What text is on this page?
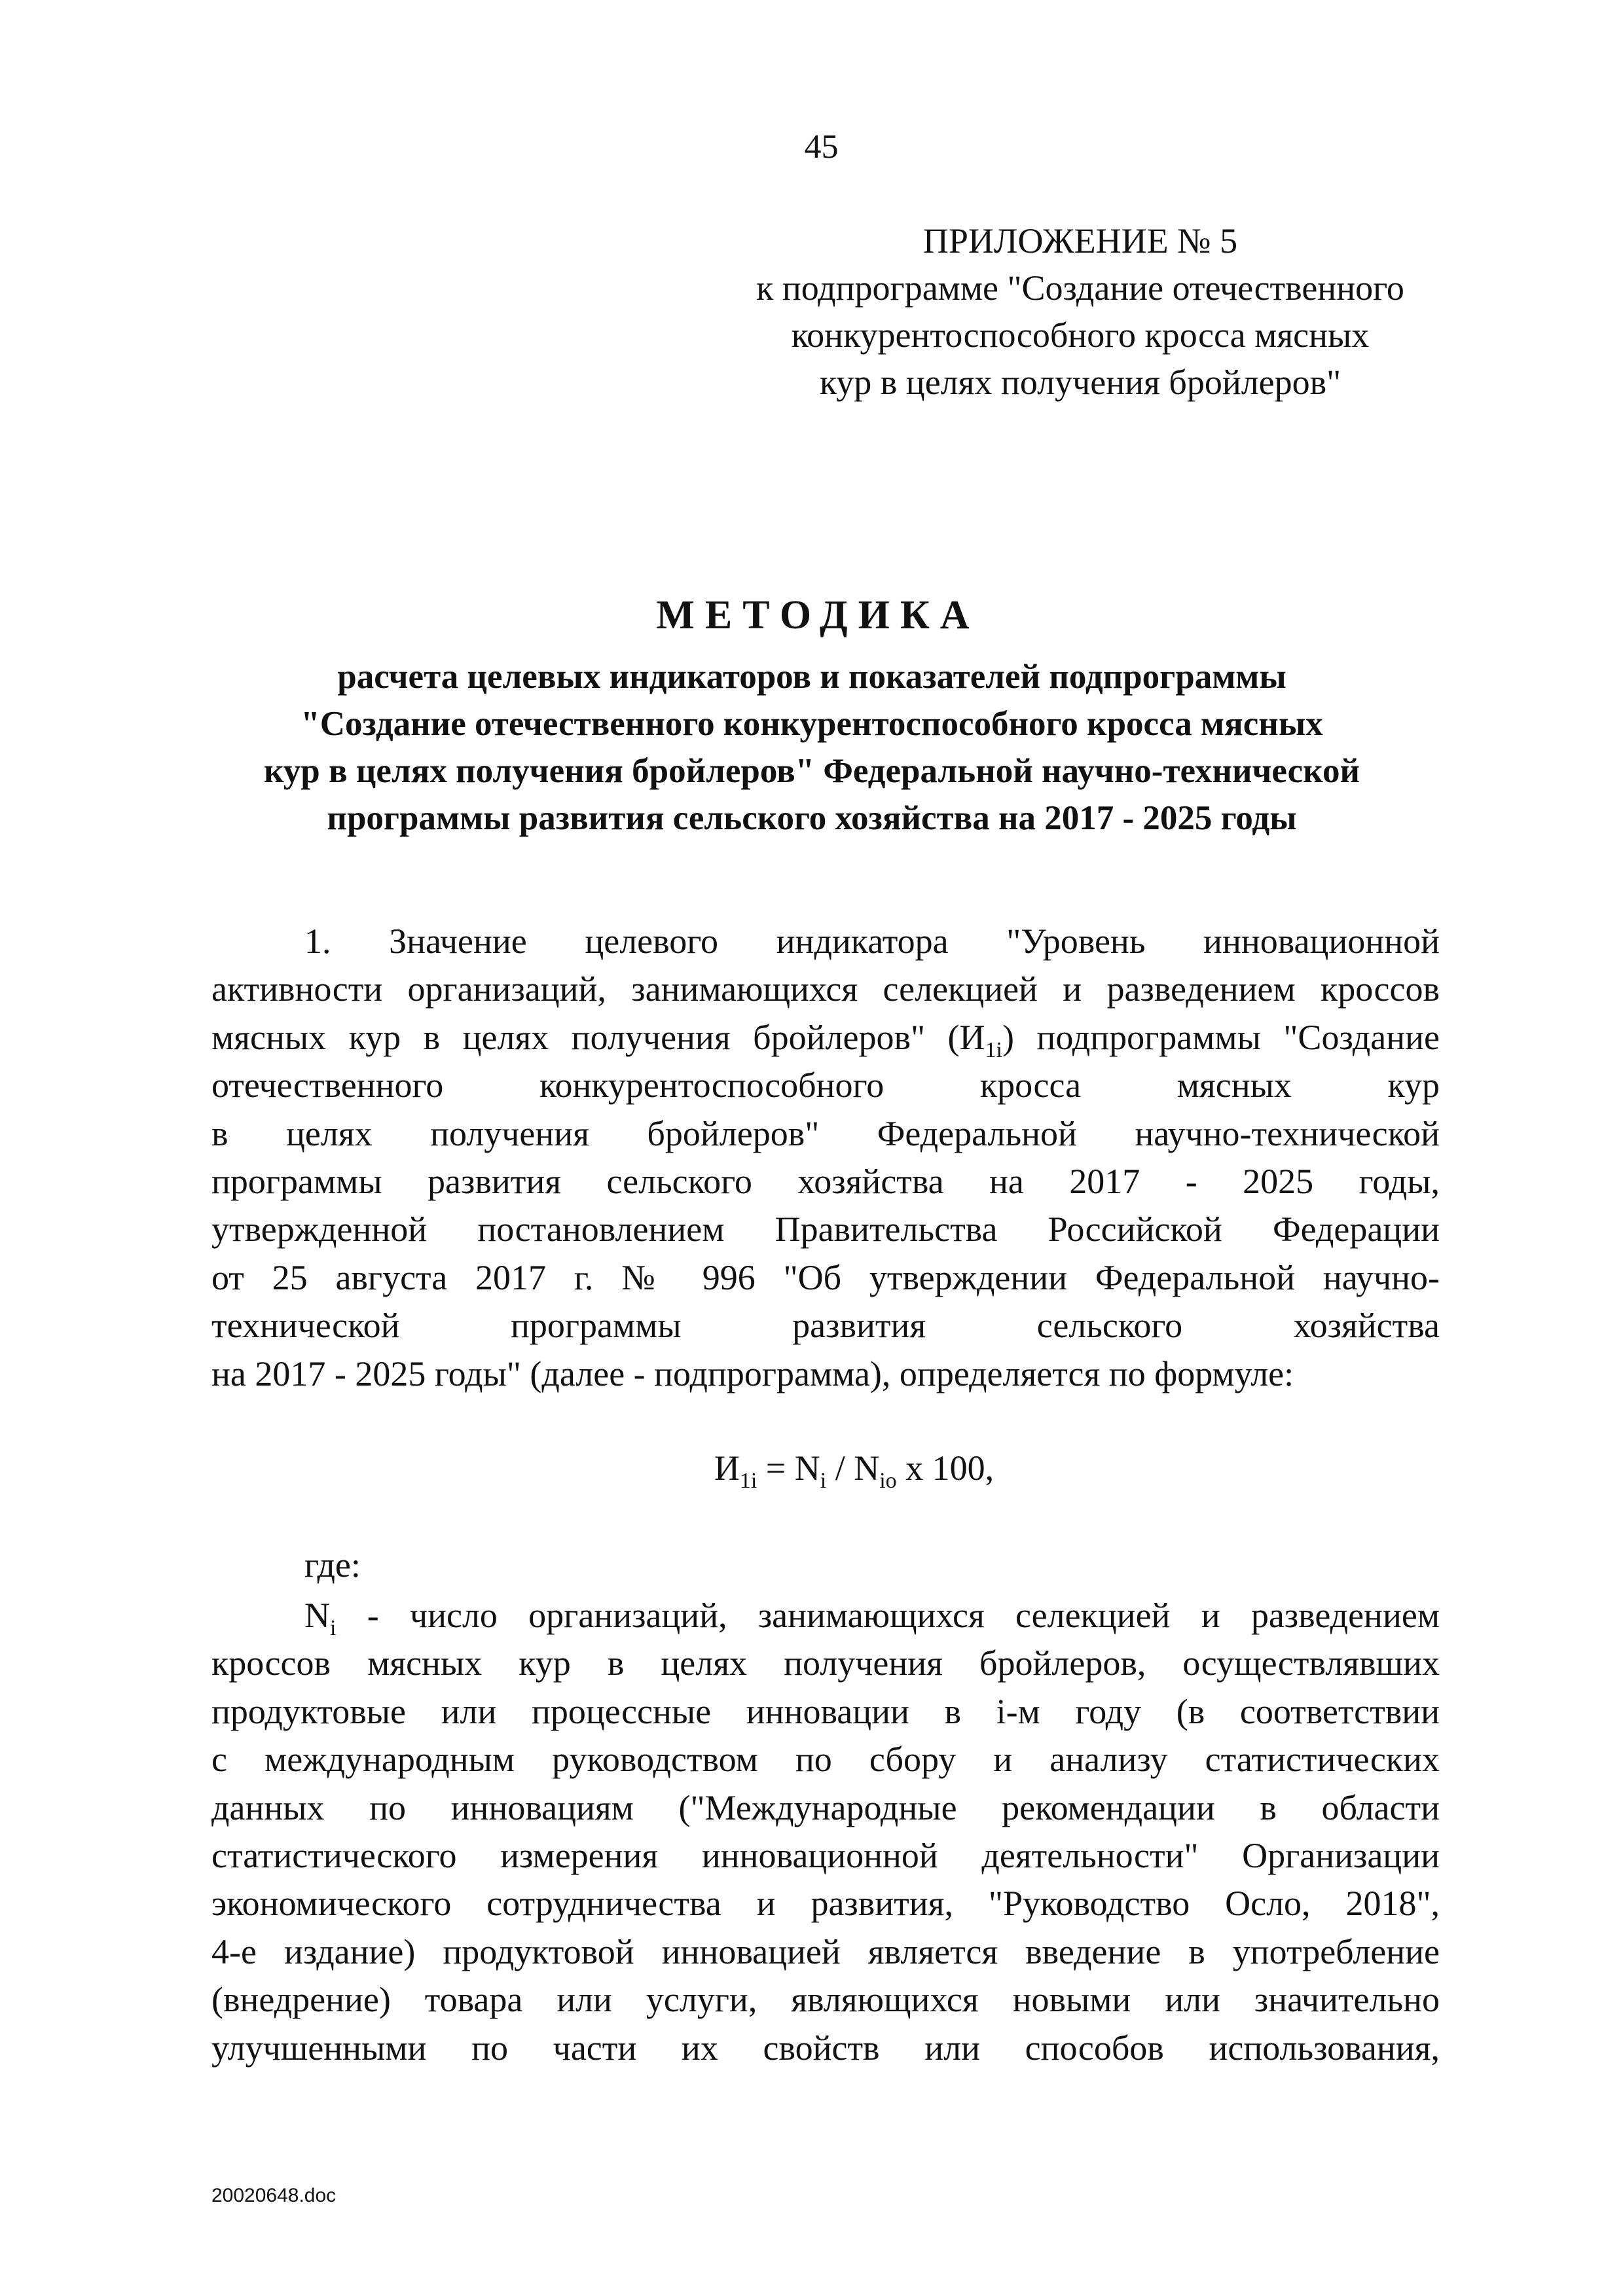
45
ПРИЛОЖЕНИЕ № 5
к подпрограмме "Создание отечественного
конкурентоспособного кросса мясных
кур в целях получения бройлеров"
МЕТОДИКА
расчета целевых индикаторов и показателей подпрограммы
"Создание отечественного конкурентоспособного кросса мясных
кур в целях получения бройлеров" Федеральной научно-технической
программы развития сельского хозяйства на 2017 - 2025 годы
1. Значение целевого индикатора "Уровень инновационной
активности организаций, занимающихся селекцией и разведением кроссов
мясных кур в целях получения бройлеров" $(И_{1i})$ подпрограммы "Создание
отечественного конкурентоспособного кросса мясных кур
в целях получения бройлеров" Федеральной научно-технической
программы развития сельского хозяйства на 2017 - 2025 годы,
утвержденной постановлением Правительства Российской Федерации
от 25 августа 2017 г. № 996 "Об утверждении Федеральной научно-
технической программы развития сельского хозяйства
на 2017 - 2025 годы" (далее - подпрограмма), определяется по формуле:
$И_{1i} = N_i / N_{io}$ x 100,
где:
$N_i$ - число организаций, занимающихся селекцией и разведением
кроссов мясных кур в целях получения бройлеров, осуществлявших
продуктовые или процессные инновации в i-м году (в соответствии
с международным руководством по сбору и анализу статистических
данных по инновациям ("Международные рекомендации в области
статистического измерения инновационной деятельности" Организации
экономического сотрудничества и развития, "Руководство Осло, 2018",
4-е издание) продуктовой инновацией является введение в употребление
(внедрение) товара или услуги, являющихся новыми или значительно
улучшенными по части их свойств или способов использования,
20020648.doc
